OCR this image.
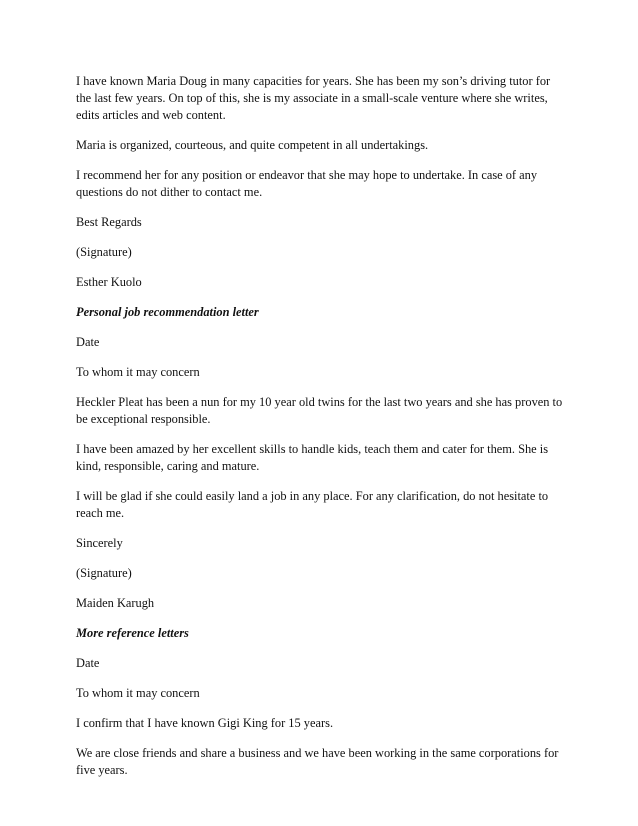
I have known Maria Doug in many capacities for years. She has been my son’s driving tutor for the last few years. On top of this, she is my associate in a small-scale venture where she writes, edits articles and web content.

Maria is organized, courteous, and quite competent in all undertakings.

I recommend her for any position or endeavor that she may hope to undertake. In case of any questions do not dither to contact me.

Best Regards

(Signature)

Esther Kuolo

Personal job recommendation letter

Date

To whom it may concern

Heckler Pleat has been a nun for my 10 year old twins for the last two years and she has proven to be exceptional responsible.

I have been amazed by her excellent skills to handle kids, teach them and cater for them. She is kind, responsible, caring and mature.

I will be glad if she could easily land a job in any place. For any clarification, do not hesitate to reach me.

Sincerely

(Signature)

Maiden Karugh

More reference letters

Date

To whom it may concern

I confirm that I have known Gigi King for 15 years.

We are close friends and share a business and we have been working in the same corporations for five years.
